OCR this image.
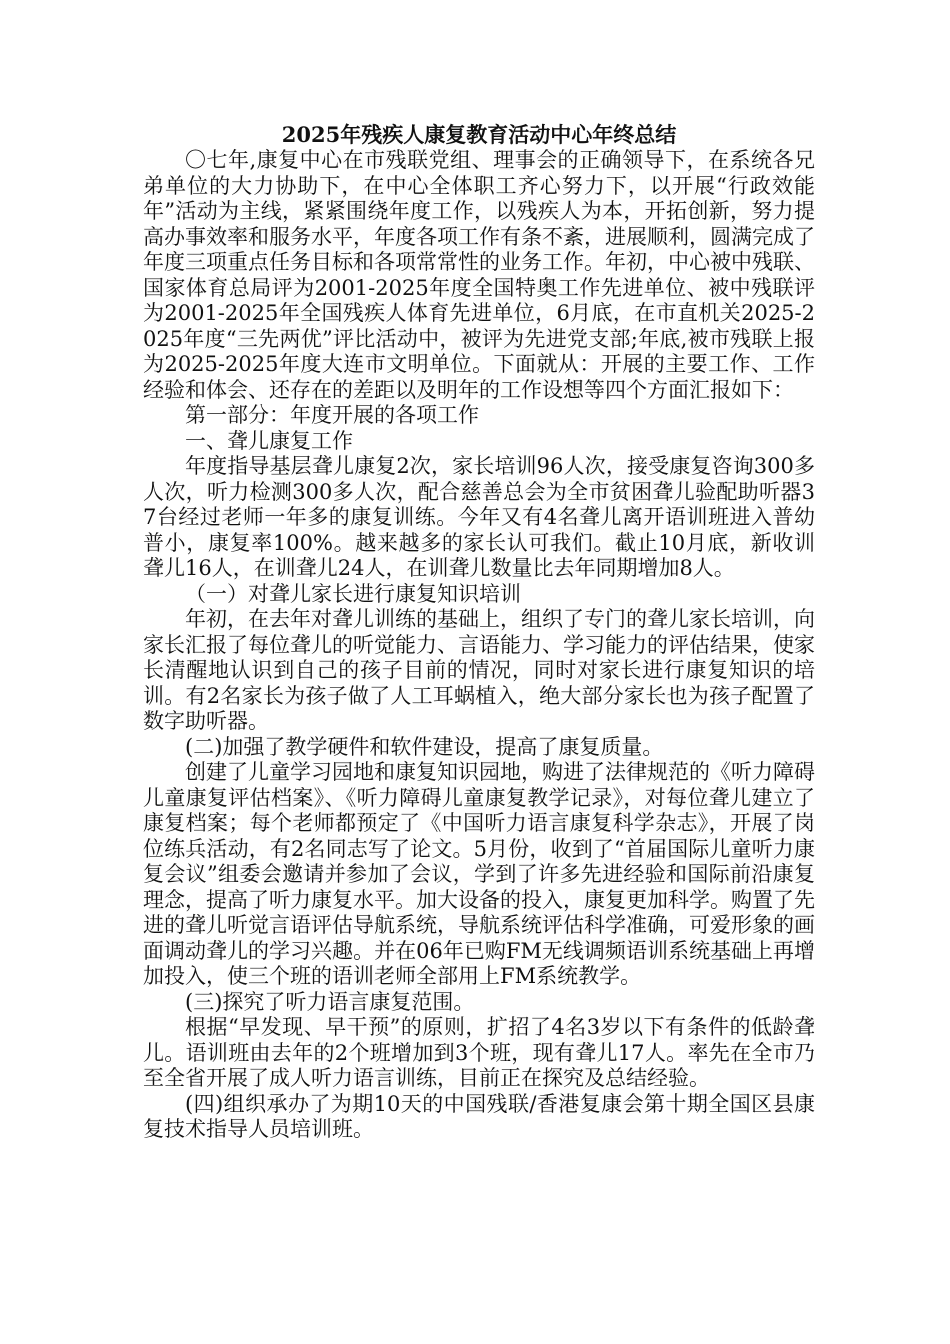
2025年残疾人康复教育活动中心年终总结

〇七年,康复中心在市残联党组、理事会的正确领导下，在系统各兄弟单位的大力协助下，在中心全体职工齐心努力下，以开展“行政效能年”活动为主线，紧紧围绕年度工作，以残疾人为本，开拓创新，努力提高办事效率和服务水平，年度各项工作有条不紊，进展顺利，圆满完成了年度三项重点任务目标和各项常常性的业务工作。年初，中心被中残联、国家体育总局评为2001-2025年度全国特奥工作先进单位、被中残联评为2001-2025年全国残疾人体育先进单位，6月底，在市直机关2025-2025年度“三先两优”评比活动中，被评为先进党支部;年底,被市残联上报为2025-2025年度大连市文明单位。下面就从：开展的主要工作、工作经验和体会、还存在的差距以及明年的工作设想等四个方面汇报如下：

第一部分：年度开展的各项工作

一、聋儿康复工作

年度指导基层聋儿康复2次，家长培训96人次，接受康复咨询300多人次，听力检测300多人次，配合慈善总会为全市贫困聋儿验配助听器37台经过老师一年多的康复训练。今年又有4名聋儿离开语训班进入普幼普小，康复率100%。越来越多的家长认可我们。截止10月底，新收训聋儿16人，在训聋儿24人，在训聋儿数量比去年同期增加8人。

（一）对聋儿家长进行康复知识培训

年初，在去年对聋儿训练的基础上，组织了专门的聋儿家长培训，向家长汇报了每位聋儿的听觉能力、言语能力、学习能力的评估结果，使家长清醒地认识到自己的孩子目前的情况，同时对家长进行康复知识的培训。有2名家长为孩子做了人工耳蜗植入，绝大部分家长也为孩子配置了数字助听器。

(二)加强了教学硬件和软件建设，提高了康复质量。

创建了儿童学习园地和康复知识园地，购进了法律规范的《听力障碍儿童康复评估档案》、《听力障碍儿童康复教学记录》，对每位聋儿建立了康复档案；每个老师都预定了《中国听力语言康复科学杂志》，开展了岗位练兵活动，有2名同志写了论文。5月份，收到了“首届国际儿童听力康复会议”组委会邀请并参加了会议，学到了许多先进经验和国际前沿康复理念，提高了听力康复水平。加大设备的投入，康复更加科学。购置了先进的聋儿听觉言语评估导航系统，导航系统评估科学准确，可爱形象的画面调动聋儿的学习兴趣。并在06年已购FM无线调频语训系统基础上再增加投入，使三个班的语训老师全部用上FM系统教学。

(三)探究了听力语言康复范围。

根据“早发现、早干预”的原则，扩招了4名3岁以下有条件的低龄聋儿。语训班由去年的2个班增加到3个班，现有聋儿17人。率先在全市乃至全省开展了成人听力语言训练，目前正在探究及总结经验。

(四)组织承办了为期10天的中国残联/香港复康会第十期全国区县康复技术指导人员培训班。
